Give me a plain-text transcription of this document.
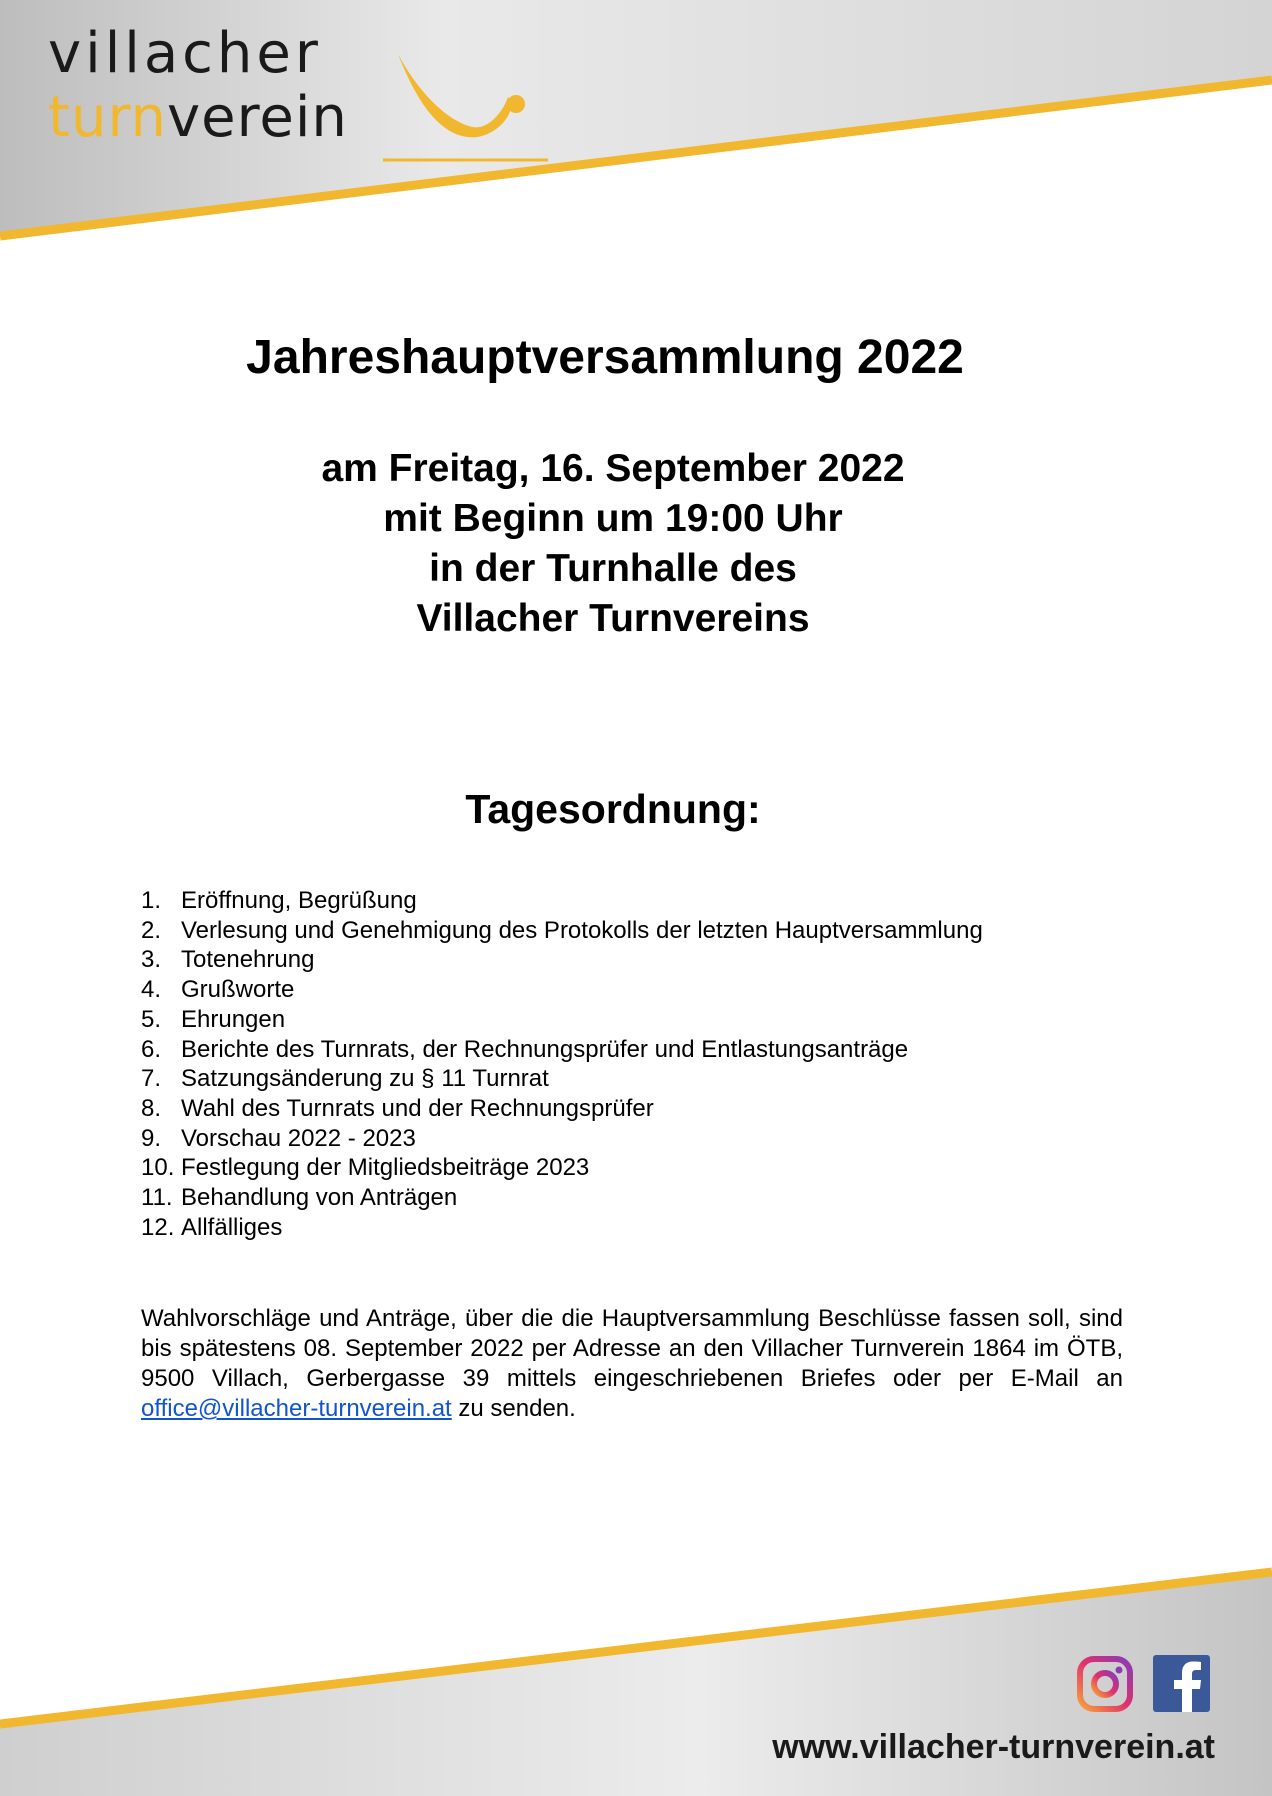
villacher
turnverein
Jahreshauptversammlung 2022
am Freitag, 16. September 2022
mit Beginn um 19:00 Uhr
in der Turnhalle des
Villacher Turnvereins
Tagesordnung:
1. Eröffnung, Begrüßung
2. Verlesung und Genehmigung des Protokolls der letzten Hauptversammlung
3. Totenehrung
4. Grußworte
5. Ehrungen
6. Berichte des Turnrats, der Rechnungsprüfer und Entlastungsanträge
7. Satzungsänderung zu § 11 Turnrat
8. Wahl des Turnrats und der Rechnungsprüfer
9. Vorschau 2022 - 2023
10. Festlegung der Mitgliedsbeiträge 2023
11. Behandlung von Anträgen
12. Allfälliges
Wahlvorschläge und Anträge, über die die Hauptversammlung Beschlüsse fassen soll, sind bis spätestens 08. September 2022 per Adresse an den Villacher Turnverein 1864 im ÖTB, 9500 Villach, Gerbergasse 39 mittels eingeschriebenen Briefes oder per E-Mail an office@villacher-turnverein.at zu senden.
www.villacher-turnverein.at
